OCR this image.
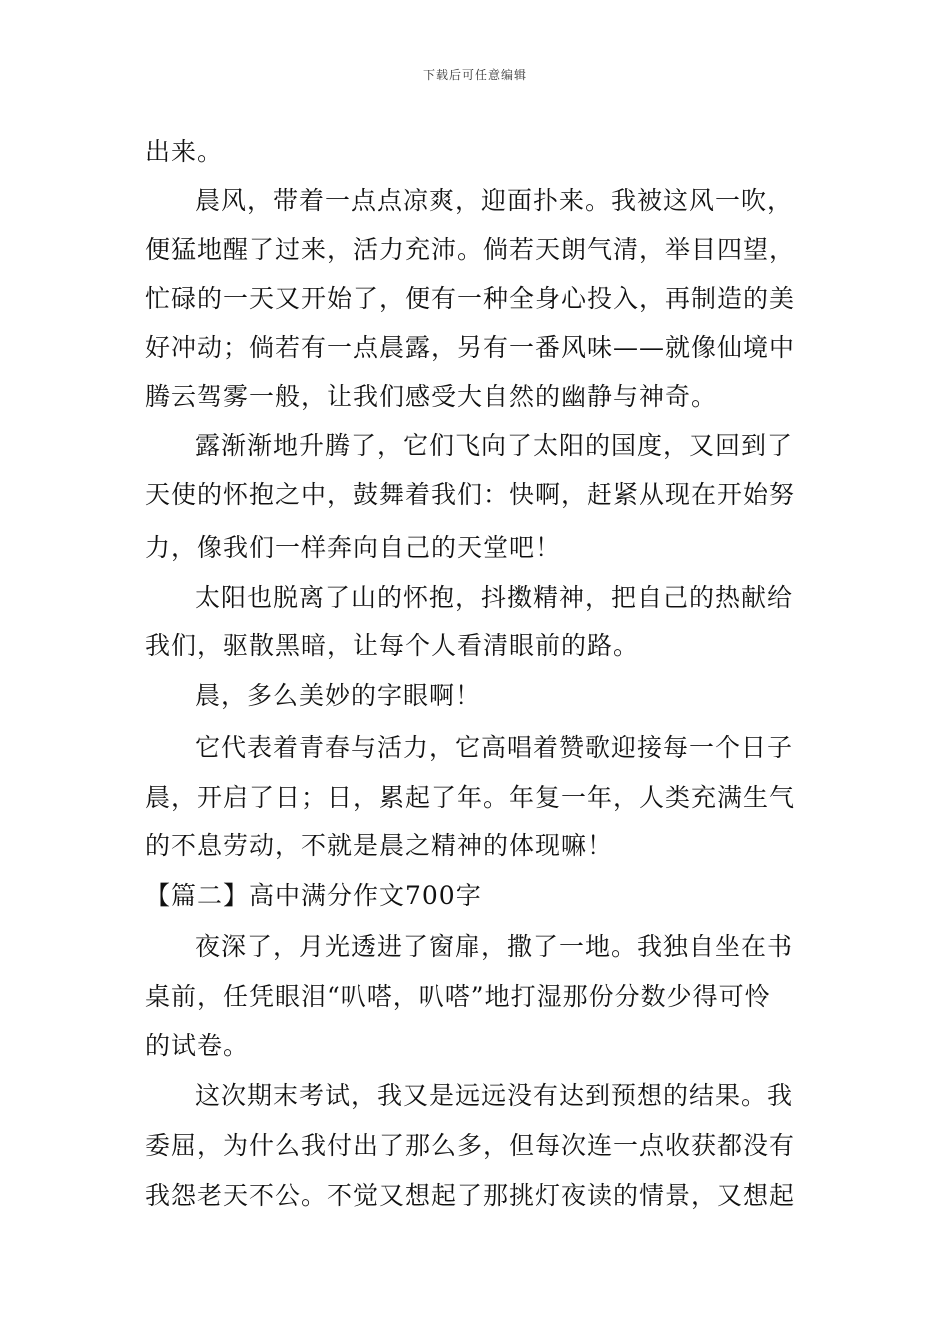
下载后可任意编辑
出来。
晨风，带着一点点凉爽，迎面扑来。我被这风一吹，
便猛地醒了过来，活力充沛。倘若天朗气清，举目四望，
忙碌的一天又开始了，便有一种全身心投入，再制造的美
好冲动；倘若有一点晨露，另有一番风味——就像仙境中
腾云驾雾一般，让我们感受大自然的幽静与神奇。
露渐渐地升腾了，它们飞向了太阳的国度，又回到了
天使的怀抱之中，鼓舞着我们：快啊，赶紧从现在开始努
力，像我们一样奔向自己的天堂吧！
太阳也脱离了山的怀抱，抖擞精神，把自己的热献给
我们，驱散黑暗，让每个人看清眼前的路。
晨，多么美妙的字眼啊！
它代表着青春与活力，它高唱着赞歌迎接每一个日子
晨，开启了日；日，累起了年。年复一年，人类充满生气
的不息劳动，不就是晨之精神的体现嘛！
【篇二】高中满分作文700字
夜深了，月光透进了窗扉，撒了一地。我独自坐在书
桌前，任凭眼泪“叭嗒，叭嗒”地打湿那份分数少得可怜
的试卷。
这次期末考试，我又是远远没有达到预想的结果。我
委屈，为什么我付出了那么多，但每次连一点收获都没有
我怨老天不公。不觉又想起了那挑灯夜读的情景，又想起
